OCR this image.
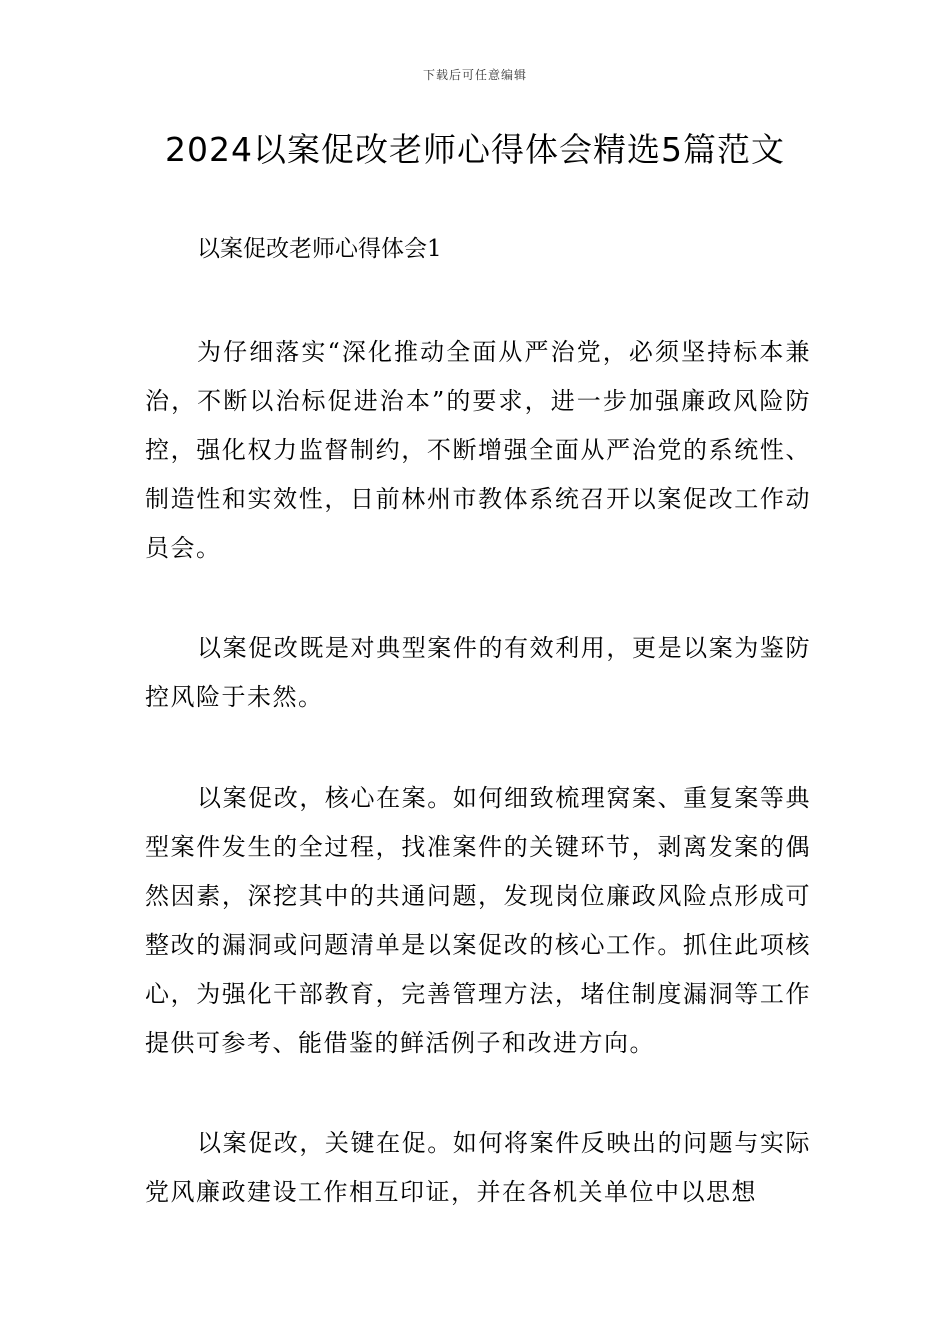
下载后可任意编辑
2024以案促改老师心得体会精选5篇范文
以案促改老师心得体会1

为仔细落实“深化推动全面从严治党，必须坚持标本兼治，不断以治标促进治本”的要求，进一步加强廉政风险防控，强化权力监督制约，不断增强全面从严治党的系统性、制造性和实效性，日前林州市教体系统召开以案促改工作动员会。

以案促改既是对典型案件的有效利用，更是以案为鉴防控风险于未然。

以案促改，核心在案。如何细致梳理窝案、重复案等典型案件发生的全过程，找准案件的关键环节，剥离发案的偶然因素，深挖其中的共通问题，发现岗位廉政风险点形成可整改的漏洞或问题清单是以案促改的核心工作。抓住此项核心，为强化干部教育，完善管理方法，堵住制度漏洞等工作提供可参考、能借鉴的鲜活例子和改进方向。

以案促改，关键在促。如何将案件反映出的问题与实际党风廉政建设工作相互印证，并在各机关单位中以思想
